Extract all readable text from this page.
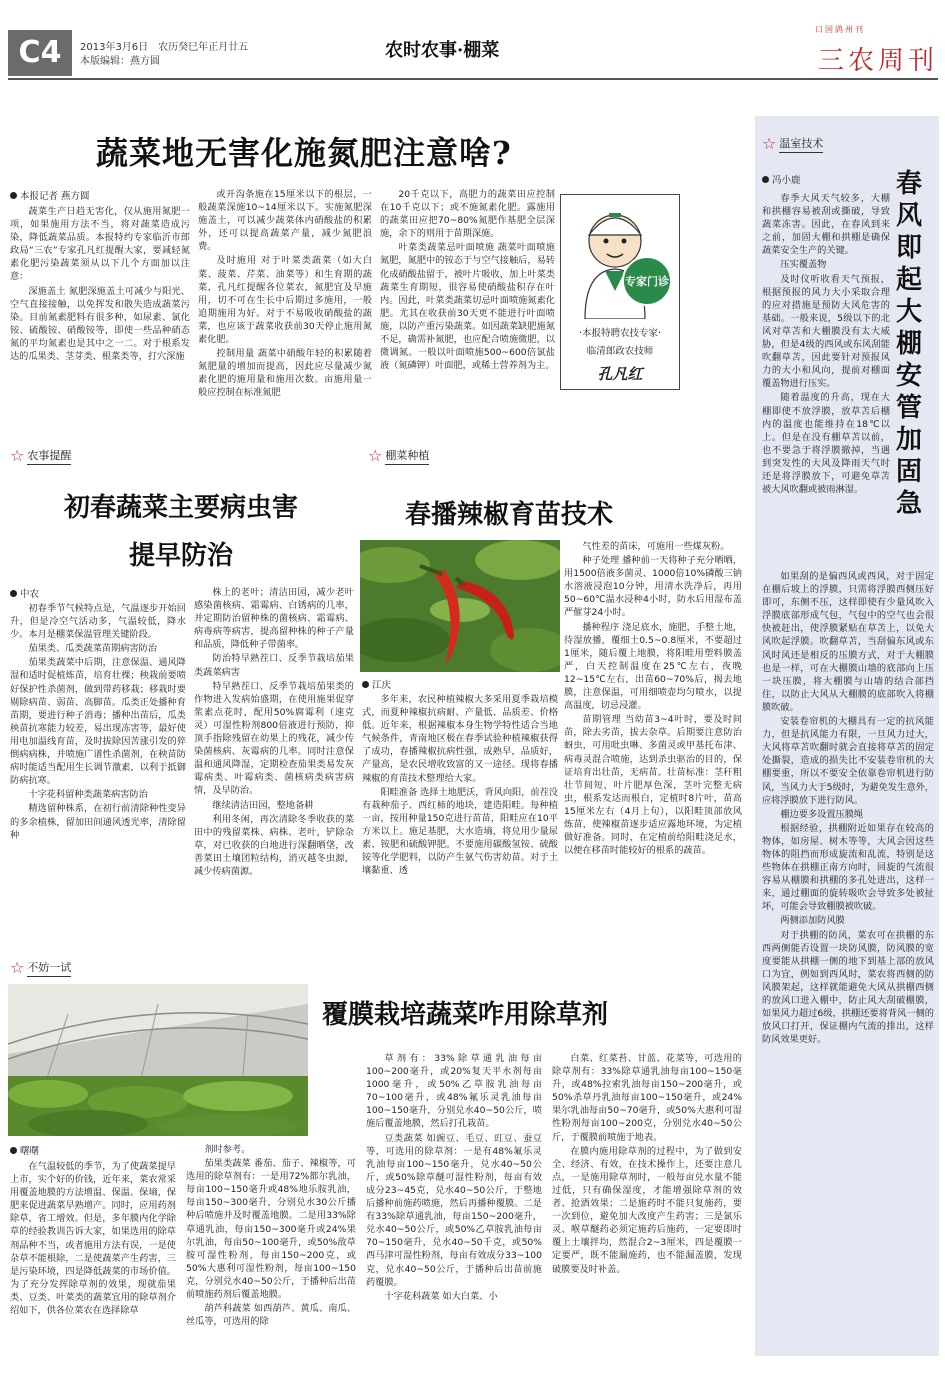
C4	2013年3月6日　农历癸巳年正月廿五
本版编辑：燕方圆
农时农事·棚菜
口国鹍州刊
三农周刊
蔬菜地无害化施氮肥注意啥?
本报记者 燕方圆

蔬菜生产日趋无害化，仅从施用氮肥一项，如果施用方法不当，将对蔬菜造成污染，降低蔬菜品质。本报特约专家临沂市郎政局“三农”专家孔凡红提醒大家，要减轻氮素化肥污染蔬菜须从以下几个方面加以注意：

深施盖土 氮肥深施盖土可减少与阳光、空气直接接触，以免挥发和散失造成蔬菜污染。目前氮素肥料有很多种，如尿素、氯化铵、硫酸铵、硝酸铵等，即使一些品种硝态氮的平均氮素也是其中之一二。对于根系发达的瓜果类、茎芽类、根菜类等，打穴深施

或开沟条施在15厘米以下的根层，一般蔬菜深施10~14厘米以下。实施氮肥深施盖土，可以减少蔬菜体内硝酸盐的积累外，还可以提高蔬菜产量，减少氮肥浪费。

及时施用 对于叶菜类蔬菜（如大白菜、菠菜、芹菜、油菜等）和生育期的蔬菜，孔凡红提醒各位菜农，氮肥宜及早施用，切不可在生长中后期过多施用，一般追期施用为好。对于不易吸收硝酸盐的蔬菜，也应该于蔬菜收获前30天停止施用氮素化肥。

控制用量 蔬菜中硝酸年轻的积累随着氮肥量的增加而提高，因此应尽量减少氮素化肥的施用量和施用次数。亩施用量一般应控制在标准氮肥

20千克以下，高肥力的蔬菜田应控制在10千克以下；或不施氮素化肥。露施用的蔬菜田应把70~80%氮肥作基肥全层深施，余下的则用于苗期深施。

叶菜类蔬菜忌叶面喷施 蔬菜叶面喷施氮肥，氮肥中的铵态于与空气接触后，易转化成硝酸盐留于，被叶片吸收，加上叶菜类蔬菜生育期短，很容易使硝酸盐积存在叶内。因此，叶菜类蔬菜切忌叶面喷施氮素化肥。尤其在收获前30天更不能进行叶面喷施，以防产重污染蔬菜。如因蔬菜缺肥施氮不足，确需补氮肥，也应配合喷施微肥，以微调氮。一般以叶面喷施500~600倍氯盐液（氮磷钾）叶面肥，或稀土营养剂为主。

专家门诊
·本报特聘农技专家·
临清郎政农技师
孔凡红
☆ 农事提醒
初春蔬菜主要病虫害
提早防治
中农

初春季节气候特点是，气温逐步开始回升，但是冷空气活动多，气温较低，降水少。本月是棚菜保温管理关键阶段。

茄果类、瓜类蔬菜苗期病害防治

茄果类蔬菜中后期，注意保温、通风降湿和适时促植炼苗，培育壮棵；秧栽前要喷好保护性杀菌剂，做到带药移栽；移栽时要剔除病苗、弱苗、高脚苗。瓜类正处播种育苗期，要进行种子消毒；播种出苗后，瓜类秧苗抗寒能力较差，易出现冻害等，最好使用电加温线育苗，及时拔除因苦涨引发的猝倒病病株，并喷施广谱性杀菌剂，在秧苗防病时能适当配用生长调节激素，以利于抵御防病抗寒。

十字花科留种类蔬菜病害防治

精选留种株系，在初行前清除种性变异的多余植株，留加田间通风透光率，清除留种

株上的老叶；清洁田园，减少老叶感染菌核病、霜霉病、白锈病的几率，并定期防治留种株的菌核病、霜霉病、病毒病等病害，提高留种株的种子产量和品质，降低种子带菌率。

防治特早熟茬口、反季节栽培茄果类蔬菜病害

特早熟茬口、反季节栽培茄果类的作物进入发病始盛期，在使用施果促穿浆素点花时，配用50%腐霉利（速克灵）可湿性粉剂800倍液进行预防，抑顶手指除残留在幼果上的残花，减少传染菌核病、灰霉病的几率。同时注意保温和通风降湿，定期检查茄果类易发灰霉病类、叶霉病类、菌核病类病害病情，及早防治。

继续清洁田园，整地备耕

利用冬闲，再次清除冬季收获的菜田中的残留菜株、病株、老叶，铲除杂草，对已收获的白地进行深翻晒垡，改善菜田土壤团粒结构，消灭越冬虫源，减少传病菌源。

☆ 棚菜种植
春播辣椒育苗技术
江庆

多年来，农民种植辣椒大多采用夏季栽培模式，而夏种辣椒抗病耐、产量低、品质差、价格低。近年来，根据辣椒本身生物学特性适合当地气候条件，青南地区极在春季试验种植辣椒获得了成功，春播辣椒抗病性强，成熟早，品质好，产量高，是农民增收致富的又一途径。现将春播辣椒的育苗技术整理给大家。

阳畦准备 选择土地肥沃，背风向阳，前茬没有栽种茄子、西红柿的地块，建造阳畦。每种植一亩，按用种量150克进行苗苗，阳畦应在10平方米以上。施足基肥，大水造墒，将兑用少量尿素、铵肥和硫酸钾肥。不要施用碳酸氢铵、硫酸铵等化学肥料，以防产生氨气伤害幼苗。对于土壤黏重、透

气性差的苗床，可施用一些煤灰粉。

种子处理 播种前一天将种子充分晒晒，用1500倍液多菌灵、1000倍10%磷酸三钠水溶液浸泡10分钟，用清水洗净后，再用50~60℃温水浸种4小时，防水后用湿布盖严催芽24小时。

播种程序 浇足底水，施肥，手整土地，待湿放播，覆细土0.5~0.8厘米，不要超过1厘米，随后覆上地膜，将阳畦用塑料膜盖严，白天控制温度在25℃左右，夜晚12~15℃左右，出苗60~70%后，揭去地膜，注意保温，可用细喷壶均匀喷水，以提高温度，切忌浸灌。

苗期管理 当幼苗3~4叶时，要及时间苗，除去劣苗，拔去杂草。后期要注意防治蚜虫，可用吡虫啉、多菌灵或甲基托布津、病毒灵混合喷施，达到杀虫驱治的目的，保证培育出壮苗，无病苗。壮苗标准：茎秆粗壮节间短，叶片肥厚色深，茎叶完整无病虫，根系发达而根白，定植时8片叶，苗高15厘米左右（4月上旬），以阳畦顶部放风炼苗，使辣椒苗逐步适应露地环境，为定植做好准备。同时，在定植前给阳畦浇足水，以便在移苗时能较好的根系的蔬苗。

☆ 不妨一试
覆膜栽培蔬菜咋用除草剂
曙曙

在气温较低的季节，为了使蔬菜提早上市，实个好的价钱，近年来，菜农常采用覆盖地膜的方法增温、保温、保墒，保肥来促进蔬菜早熟增产。同时，应用药剂除草，省工增效。但是，多年膜内化学除草的经验教训告诉大家，如果选用的除草剂品种不当，或者施用方法有误，一是使杂草不能根除，二是使蔬菜产生药害，三是污染环境，四是降低蔬菜的市场价值。为了充分发挥除草剂的效果，现就茄果类、豆类、叶菜类的蔬菜宜用的除草剂介绍如下，供各位菜农在选择除草

剂时参考。

茄果类蔬菜 番茄、茄子、辣椒等，可选用的除草剂有：一是用72%都尔乳油，每亩100~150毫升或48%地乐胺乳油，每亩150~300毫升，分别兑水30公斤播种后喷施并及时覆盖地膜。二是用33%除草通乳油，每亩150~300毫升或24%果尔乳油，每亩50~100毫升，或50%敌草胺可湿性粉剂，每亩150~200克，或50%大惠利可湿性粉剂，每亩100~150克，分别兑水40~50公斤，于播种后出苗前喷施药剂后覆盖地膜。

葫芦科蔬菜 如西葫芦、黄瓜、南瓜、丝瓜等，可选用的除

草剂有：33%除草通乳油每亩100~200毫升，或20%复天平水剂每亩1000毫升，或50%乙草胺乳油每亩70~100毫升，或48%氟乐灵乳油每亩100~150毫升，分别兑水40~50公斤，喷施后覆盖地膜，然后打孔栽苗。

豆类蔬菜 如豌豆、毛豆、豇豆、蚕豆等，可选用的除草剂：一是有48%氟乐灵乳油每亩100~150毫升，兑水40~50公斤，或50%除草醚可湿性粉剂，每亩有效成分23~45克，兑水40~50公斤，于整地后播种前施药喷施，然后再播种覆膜。二是有33%除草通乳油，每亩150~200毫升，兑水40~50公斤，或50%乙草胺乳油每亩70~150毫升，兑水40~50千克，或50%西马津可湿性粉剂，每亩有效成分33~100克，兑水40~50公斤，于播种后出苗前施药覆膜。

十字花科蔬菜 如大白菜、小

白菜、红菜苔、甘蓝、花菜等，可选用的除草剂有：33%除草通乳油每亩100~150毫升，或48%拉索乳油每亩150~200毫升，或50%杀草丹乳油每亩100~150毫升，或24%果尔乳油每亩50~70毫升，或50%大惠利可湿性粉剂每亩100~200克，分别兑水40~50公斤，于覆膜前喷施于地表。

在膜内施用除草剂的过程中，为了做到安全、经济、有效，在技术操作上，还要注意几点，一是施用除草剂时，一般每亩兑水量不能过低，只有确保湿度，才能增强除草剂的效者、抢酒效果；二是施药时不能只复施药，要一次到位，避免加大改度产生药害；三是氯乐灵、喉草醚药必须定施药后施药，一定要即时覆上土壤拌均，然混合2~3厘米，四是覆膜一定要严，既不能漏施药，也不能漏盖膜，发现破膜要及时补盖。

☆ 温室技术
冯小鹿	春风即起 大棚安管加固急

春季大风天气较多，大棚和拱棚容易被刮或撕破，导致蔬菜冻害。因此，在春风到来之前，加固大棚和拱棚是确保蔬菜安全生产的关键。

压实覆盖物

及时仪听收看天气预报，根据预报的风力大小采取合理的应对措施是预防大风危害的基础。一般来说，5级以下的北风对草苫和大棚膜没有太大威胁，但是4级的西风或东风刮能吹翻草苫，因此要针对预报风力的大小和风向，提前对棚面覆盖物进行压实。

随着温度的升高，现在大棚即使不放浮膜，放草苫后棚内的温度也能维持在18℃以上。但是在没有棚草苫以前，也不要急于将浮膜撤掉，当遇到突发性的大风及降雨天气时还是将浮膜放下，可避免草苫被大风吹翻或被雨淋湿。

如果刮的是偏西风或西风，对于固定在棚后坡上的浮膜，只需将浮膜西侧压好即可，东侧不压，这样即使有少量风吹入浮膜底部形成气包，气包中的空气也会很快被赶出，使浮膜紧贴在草苫上，以免大风吹起浮膜。吹翻草苫，当刮偏东风或东风时风还是相反的压膜方式，对于大棚膜也是一样，可在大棚膜山墙的底部向上压一块压膜，将大棚膜与山墙的结合部挡住，以防止大风从大棚膜的底部吹入将棚膜吹破。

安装卷帘机的大棚具有一定的抗风能力，但是抗风能力有限，一旦风力过大，大风将草苫吹翻时就会直接将草苫的固定处撕裂，造成的损失比不安装卷帘机的大棚要重，所以不要安全依靠卷帘机进行防风，当风力大于5级时，为避免发生意外，应将浮膜放下进行防风。

棚边要多设置压膜绳

根据经验，拱棚附近如果存在较高的物体，如房屋、树木等等，大风会因这些物体的阻挡而形成旋流和乱流，特别是这些物体在拱棚正南方向时，回旋的气流很容易从棚膜和拱棚的多孔处进出，这样一来，通过棚面的旋转吸吹会导致多处被扯坏，可能会导致棚膜被吹破。

两侧添加防风膜

对于拱棚的防风，菜农可在拱棚的东西两侧能否设置一块防风膜，防风膜的宽度要能从拱棚一侧的地下到基上部的放风口为宜，例如到西风时，菜农将西侧的防风膜架起，这样就能避免大风从拱棚西侧的放风口进入棚中，防止风大刮破棚膜，如果风力超过6级，拱棚还要将背风一侧的放风口打开，保证棚内气流的排出，这样防风效果更好。
